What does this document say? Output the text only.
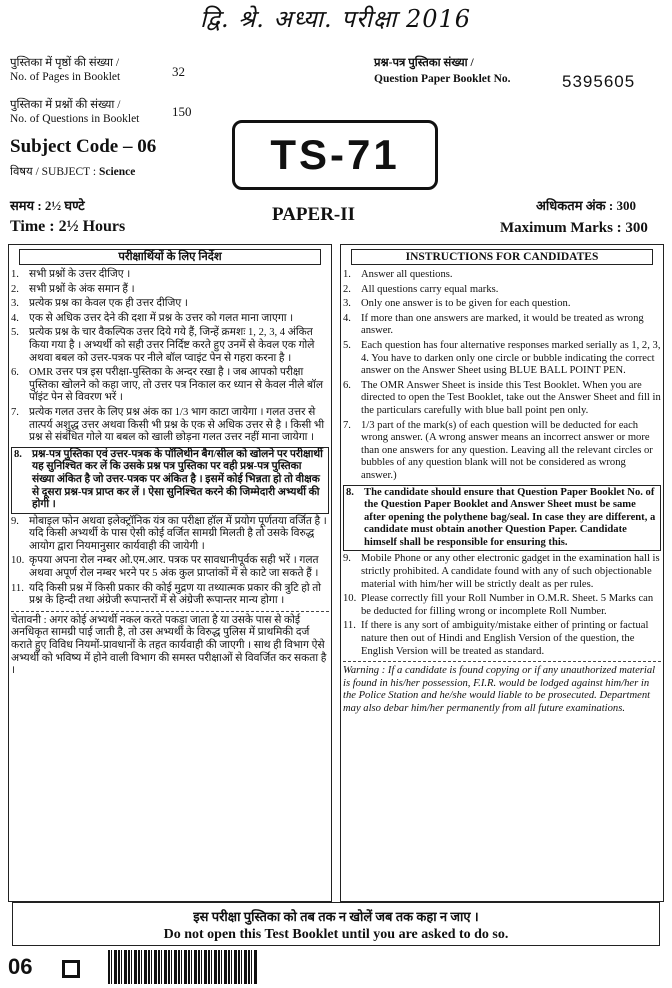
द्वि. श्रे. अध्या. परीक्षा 2016
पुस्तिका में पृष्ठों की संख्या /
No. of Pages in Booklet	32
पुस्तिका में प्रश्नों की संख्या /
No. of Questions in Booklet	150
Subject Code – 06
विषय / SUBJECT : Science
प्रश्न-पत्र पुस्तिका संख्या /
Question Paper Booklet No.	5395605
TS-71
समय : 2½ घण्टे
Time : 2½ Hours
PAPER-II	अधिकतम अंक : 300
Maximum Marks : 300
परीक्षार्थियों के लिए निर्देश
1. सभी प्रश्नों के उत्तर दीजिए ।
2. सभी प्रश्नों के अंक समान हैं ।
3. प्रत्येक प्रश्न का केवल एक ही उत्तर दीजिए ।
4. एक से अधिक उत्तर देने की दशा में प्रश्न के उत्तर को गलत माना जाएगा ।
5. प्रत्येक प्रश्न के चार वैकल्पिक उत्तर दिये गये हैं, जिन्हें क्रमशः 1, 2, 3, 4 अंकित किया गया है । अभ्यर्थी को सही उत्तर निर्दिष्ट करते हुए उनमें से केवल एक गोले अथवा बबल को उत्तर-पत्रक पर नीले बॉल प्वाइंट पेन से गहरा करना है ।
6. OMR उत्तर पत्र इस परीक्षा-पुस्तिका के अन्दर रखा है । जब आपको परीक्षा पुस्तिका खोलने को कहा जाए, तो उत्तर पत्र निकाल कर ध्यान से केवल नीले बॉल पॉइंट पेन से विवरण भरें ।
7. प्रत्येक गलत उत्तर के लिए प्रश्न अंक का 1/3 भाग काटा जायेगा । गलत उत्तर से तात्पर्य अशुद्ध उत्तर अथवा किसी भी प्रश्न के एक से अधिक उत्तर से है । किसी भी प्रश्न से संबंधित गोले या बबल को खाली छोड़ना गलत उत्तर नहीं माना जायेगा ।
8. प्रश्न-पत्र पुस्तिका एवं उत्तर-पत्रक के पॉलिथीन बैग/सील को खोलने पर परीक्षार्थी यह सुनिश्चित कर लें कि उसके प्रश्न पत्र पुस्तिका पर वही प्रश्न-पत्र पुस्तिका संख्या अंकित है जो उत्तर-पत्रक पर अंकित है । इसमें कोई भिन्नता हो तो वीक्षक से दूसरा प्रश्न-पत्र प्राप्त कर लें । ऐसा सुनिश्चित करने की जिम्मेदारी अभ्यर्थी की होगी ।
9. मोबाइल फोन अथवा इलेक्ट्रॉनिक यंत्र का परीक्षा हॉल में प्रयोग पूर्णतया वर्जित है । यदि किसी अभ्यर्थी के पास ऐसी कोई वर्जित सामग्री मिलती है तो उसके विरुद्ध आयोग द्वारा नियमानुसार कार्यवाही की जायेगी ।
10. कृपया अपना रोल नम्बर ओ.एम.आर. पत्रक पर सावधानीपूर्वक सही भरें । गलत अथवा अपूर्ण रोल नम्बर भरने पर 5 अंक कुल प्राप्तांकों में से काटे जा सकते हैं ।
11. यदि किसी प्रश्न में किसी प्रकार की कोई मुद्रण या तथ्यात्मक प्रकार की त्रुटि हो तो प्रश्न के हिन्दी तथा अंग्रेजी रूपान्तरों में से अंग्रेजी रूपान्तर मान्य होगा ।
चेतावनी : अगर कोई अभ्यर्थी नकल करते पकड़ा जाता है या उसके पास से कोई अनधिकृत सामग्री पाई जाती है, तो उस अभ्यर्थी के विरुद्ध पुलिस में प्राथमिकी दर्ज कराते हुए विविध नियमों-प्रावधानों के तहत कार्यवाही की जाएगी । साथ ही विभाग ऐसे अभ्यर्थी को भविष्य में होने वाली विभाग की समस्त परीक्षाओं से विवर्जित कर सकता है ।
INSTRUCTIONS FOR CANDIDATES
1. Answer all questions.
2. All questions carry equal marks.
3. Only one answer is to be given for each question.
4. If more than one answers are marked, it would be treated as wrong answer.
5. Each question has four alternative responses marked serially as 1, 2, 3, 4. You have to darken only one circle or bubble indicating the correct answer on the Answer Sheet using BLUE BALL POINT PEN.
6. The OMR Answer Sheet is inside this Test Booklet. When you are directed to open the Test Booklet, take out the Answer Sheet and fill in the particulars carefully with blue ball point pen only.
7. 1/3 part of the mark(s) of each question will be deducted for each wrong answer. (A wrong answer means an incorrect answer or more than one answers for any question. Leaving all the relevant circles or bubbles of any question blank will not be considered as wrong answer.)
8. The candidate should ensure that Question Paper Booklet No. of the Question Paper Booklet and Answer Sheet must be same after opening the polythene bag/seal. In case they are different, a candidate must obtain another Question Paper. Candidate himself shall be responsible for ensuring this.
9. Mobile Phone or any other electronic gadget in the examination hall is strictly prohibited. A candidate found with any of such objectionable material with him/her will be strictly dealt as per rules.
10. Please correctly fill your Roll Number in O.M.R. Sheet. 5 Marks can be deducted for filling wrong or incomplete Roll Number.
11. If there is any sort of ambiguity/mistake either of printing or factual nature then out of Hindi and English Version of the question, the English Version will be treated as standard.
Warning : If a candidate is found copying or if any unauthorized material is found in his/her possession, F.I.R. would be lodged against him/her in the Police Station and he/she would liable to be prosecuted. Department may also debar him/her permanently from all future examinations.
इस परीक्षा पुस्तिका को तब तक न खोलें जब तक कहा न जाए ।
Do not open this Test Booklet until you are asked to do so.
06
